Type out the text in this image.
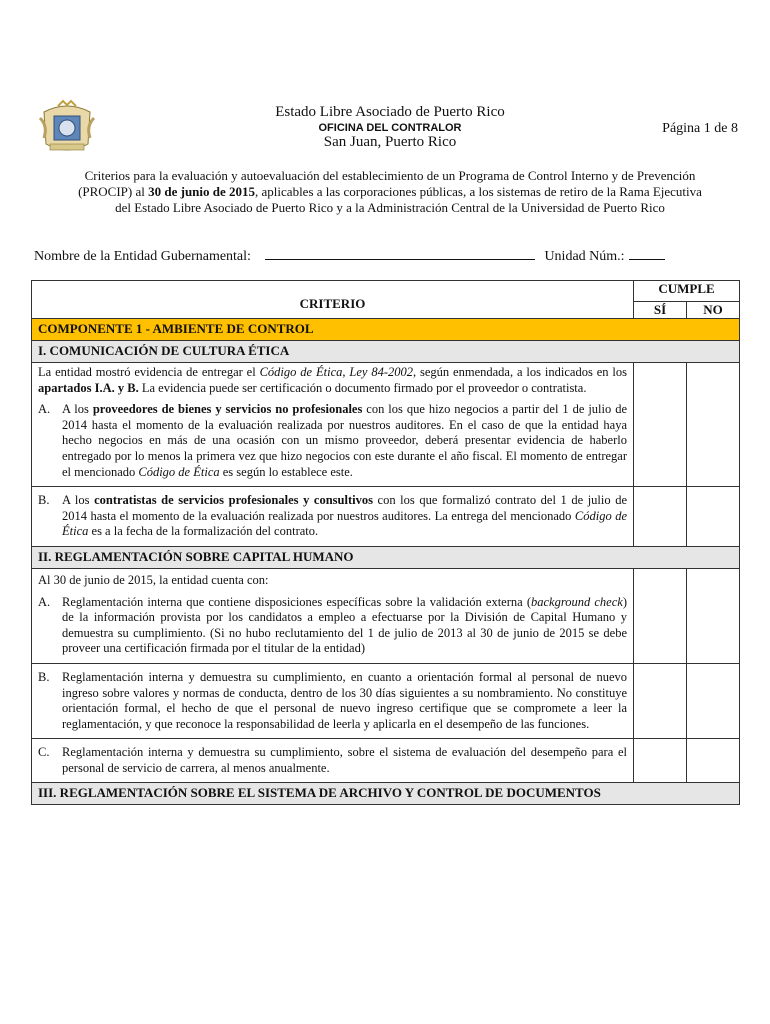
Estado Libre Asociado de Puerto Rico
OFICINA DEL CONTRALOR
San Juan, Puerto Rico
Página 1 de 8
Criterios para la evaluación y autoevaluación del establecimiento de un Programa de Control Interno y de Prevención (PROCIP) al 30 de junio de 2015, aplicables a las corporaciones públicas, a los sistemas de retiro de la Rama Ejecutiva del Estado Libre Asociado de Puerto Rico y a la Administración Central de la Universidad de Puerto Rico
Nombre de la Entidad Gubernamental:	Unidad Núm.:
CRITERIO	CUMPLE	
	SÍ	NO
COMPONENTE 1 - AMBIENTE DE CONTROL		
I. COMUNICACIÓN DE CULTURA ÉTICA		
La entidad mostró evidencia de entregar el Código de Ética, Ley 84-2002, según enmendada, a los indicados en los apartados I.A. y B. La evidencia puede ser certificación o documento firmado por el proveedor o contratista.
A. A los proveedores de bienes y servicios no profesionales con los que hizo negocios a partir del 1 de julio de 2014 hasta el momento de la evaluación realizada por nuestros auditores. En el caso de que la entidad haya hecho negocios en más de una ocasión con un mismo proveedor, deberá presentar evidencia de haberlo entregado por lo menos la primera vez que hizo negocios con este durante el año fiscal. El momento de entregar el mencionado Código de Ética es según lo establece este.		

B. A los contratistas de servicios profesionales y consultivos con los que formalizó contrato del 1 de julio de 2014 hasta el momento de la evaluación realizada por nuestros auditores. La entrega del mencionado Código de Ética es a la fecha de la formalización del contrato.		

II. REGLAMENTACIÓN SOBRE CAPITAL HUMANO		

Al 30 de junio de 2015, la entidad cuenta con:
A. Reglamentación interna que contiene disposiciones específicas sobre la validación externa (background check) de la información provista por los candidatos a empleo a efectuarse por la División de Capital Humano y demuestra su cumplimiento. (Si no hubo reclutamiento del 1 de julio de 2013 al 30 de junio de 2015 se debe proveer una certificación firmada por el titular de la entidad)		

B. Reglamentación interna y demuestra su cumplimiento, en cuanto a orientación formal al personal de nuevo ingreso sobre valores y normas de conducta, dentro de los 30 días siguientes a su nombramiento. No constituye orientación formal, el hecho de que el personal de nuevo ingreso certifique que se compromete a leer la reglamentación, y que reconoce la responsabilidad de leerla y aplicarla en el desempeño de las funciones.		

C. Reglamentación interna y demuestra su cumplimiento, sobre el sistema de evaluación del desempeño para el personal de servicio de carrera, al menos anualmente.		

III. REGLAMENTACIÓN SOBRE EL SISTEMA DE ARCHIVO Y CONTROL DE DOCUMENTOS		
